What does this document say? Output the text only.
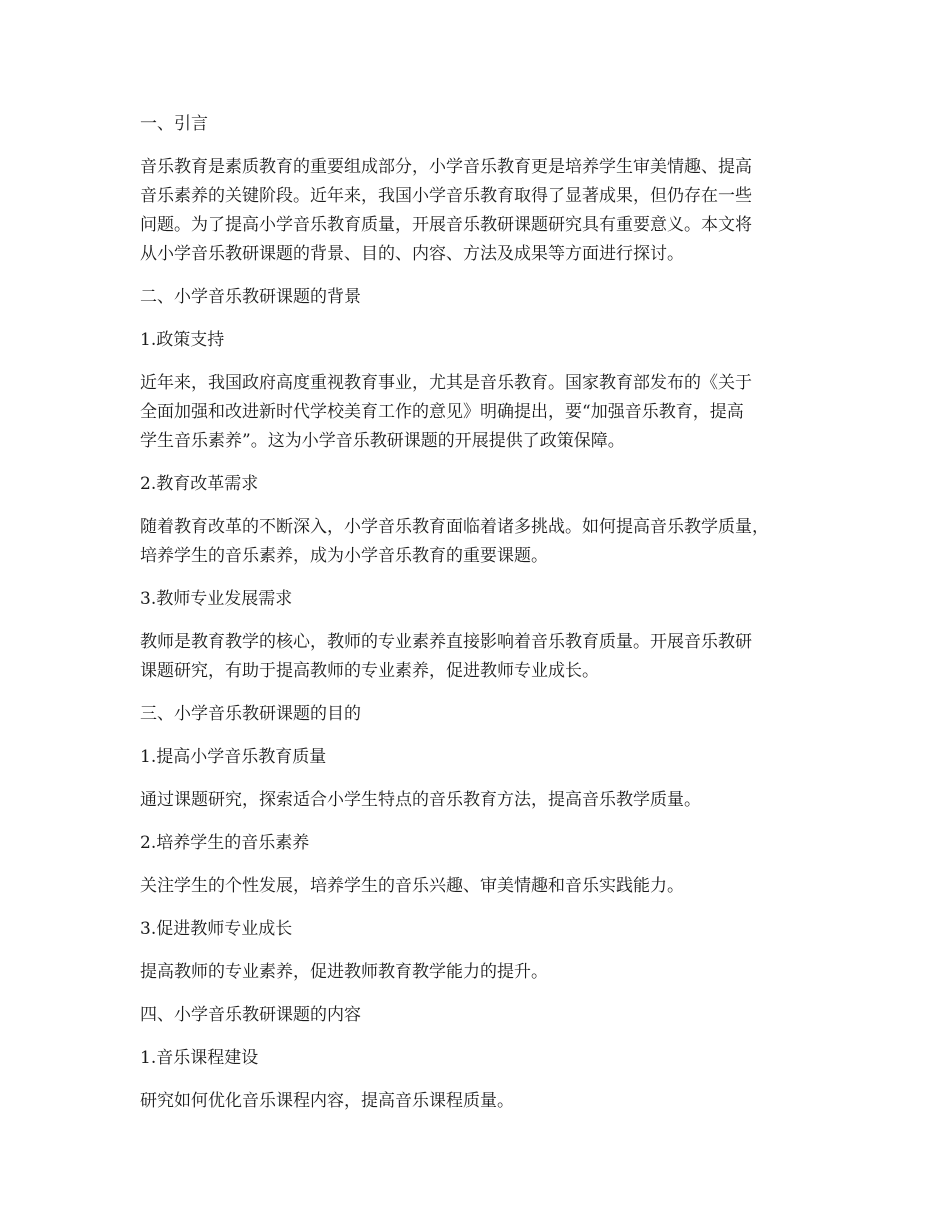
一、引言

音乐教育是素质教育的重要组成部分，小学音乐教育更是培养学生审美情趣、提高

音乐素养的关键阶段。近年来，我国小学音乐教育取得了显著成果，但仍存在一些

问题。为了提高小学音乐教育质量，开展音乐教研课题研究具有重要意义。本文将

从小学音乐教研课题的背景、目的、内容、方法及成果等方面进行探讨。

二、小学音乐教研课题的背景
1.政策支持

近年来，我国政府高度重视教育事业，尤其是音乐教育。国家教育部发布的《关于

全面加强和改进新时代学校美育工作的意见》明确提出，要“加强音乐教育，提高

学生音乐素养”。这为小学音乐教研课题的开展提供了政策保障。

2.教育改革需求

随着教育改革的不断深入，小学音乐教育面临着诸多挑战。如何提高音乐教学质量，

培养学生的音乐素养，成为小学音乐教育的重要课题。

3.教师专业发展需求

教师是教育教学的核心，教师的专业素养直接影响着音乐教育质量。开展音乐教研

课题研究，有助于提高教师的专业素养，促进教师专业成长。

三、小学音乐教研课题的目的
1.提高小学音乐教育质量

通过课题研究，探索适合小学生特点的音乐教育方法，提高音乐教学质量。

2.培养学生的音乐素养

关注学生的个性发展，培养学生的音乐兴趣、审美情趣和音乐实践能力。

3.促进教师专业成长

提高教师的专业素养，促进教师教育教学能力的提升。

四、小学音乐教研课题的内容
1.音乐课程建设

研究如何优化音乐课程内容，提高音乐课程质量。
